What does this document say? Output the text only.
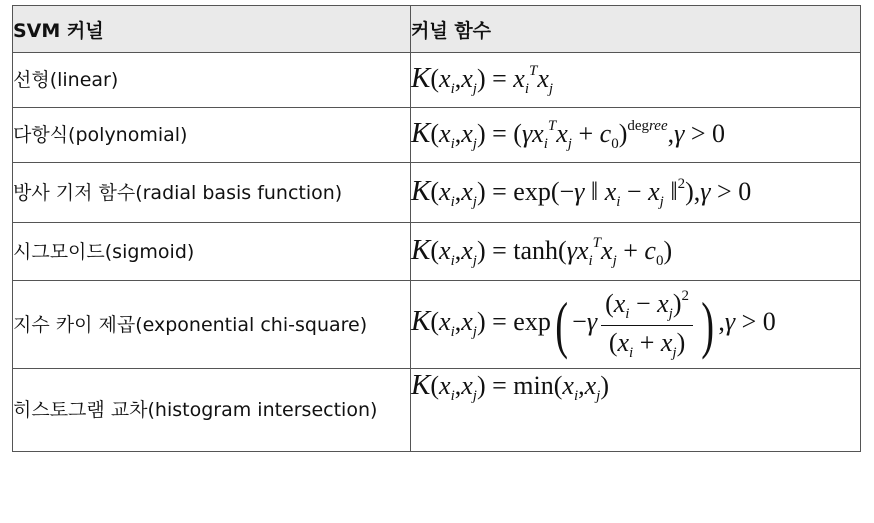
SVM 커널	커널 함수
선형(linear)	$K(x_i,x_j) = x_i^Tx_j$
다항식(polynomial)	$K(x_i,x_j) = (\gamma x_i^Tx_j + c_0)^{degree},\gamma > 0$
방사 기저 함수(radial basis function)	$K(x_i,x_j) = \exp(-\gamma$ ‖ $x_i - x_j$ ‖$^2$),γ > 0
시그모이드(sigmoid)	$K(x_i,x_j) = \tanh(\gamma x_i^Tx_j + c_0)$
지수 카이 제곱(exponential chi-square)	$K(x_i,x_j) = \exp( -\gamma \frac{(x_i - x_j)^2}{(x_i + x_j)}$ ) ,γ > 0
히스토그램 교차(histogram intersection)	$K(x_i,x_j) = \min(x_i,x_j)$
